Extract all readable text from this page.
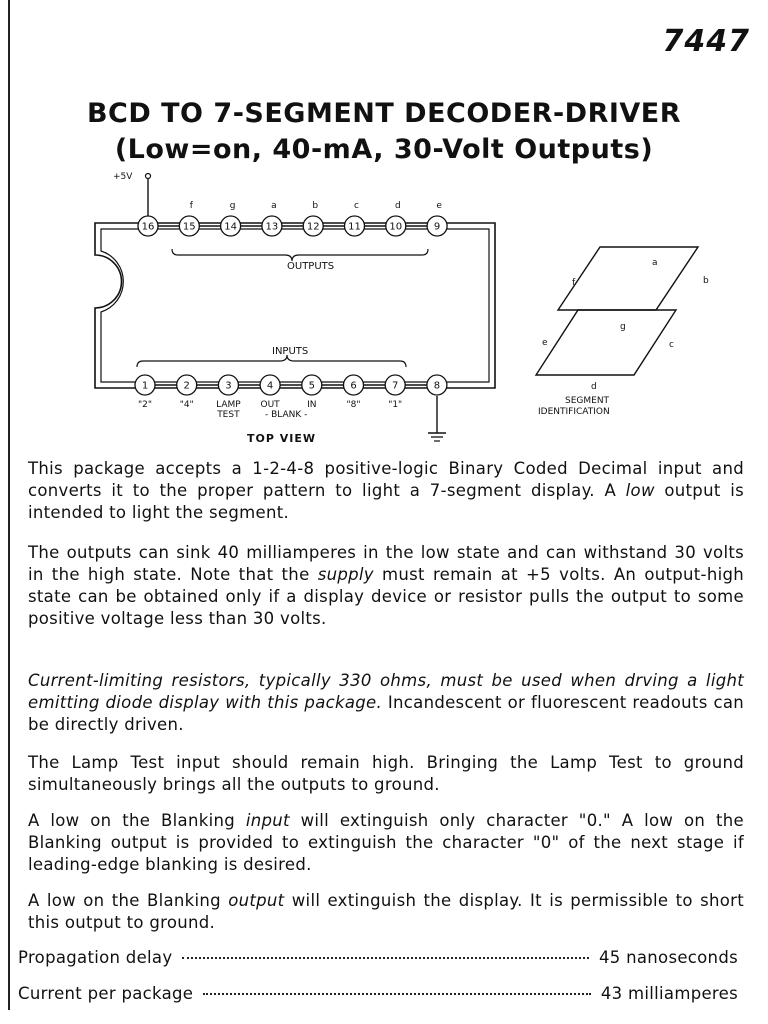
7447
BCD TO 7-SEGMENT DECODER-DRIVER
(Low=on, 40-mA, 30-Volt Outputs)
+5V
16	15
f
14
g
13
a
12
b
11
c
10
d
9
e
1
"2"
2
"4"
3
LAMP
TEST
4
OUT
5
IN
6
"8"
7
"1"
8
OUTPUTS
INPUTS
- BLANK -
TOP VIEW
a
b
c
d
e
f
g
SEGMENT
IDENTIFICATION

This package accepts a 1-2-4-8 positive-logic Binary Coded Decimal input and converts it to the proper pattern to light a 7-segment display. A low output is intended to light the segment.

The outputs can sink 40 milliamperes in the low state and can withstand 30 volts in the high state. Note that the supply must remain at +5 volts. An output-high state can be obtained only if a display device or resistor pulls the output to some positive voltage less than 30 volts.

Current-limiting resistors, typically 330 ohms, must be used when drving a light emitting diode display with this package. Incandescent or fluorescent readouts can be directly driven.

The Lamp Test input should remain high. Bringing the Lamp Test to ground simultaneously brings all the outputs to ground.

A low on the Blanking input will extinguish only character "0." A low on the Blanking output is provided to extinguish the character "0" of the next stage if leading-edge blanking is desired.

A low on the Blanking output will extinguish the display. It is permissible to short this output to ground.

Propagation delay	45 nanoseconds
Current per package	43 milliamperes
